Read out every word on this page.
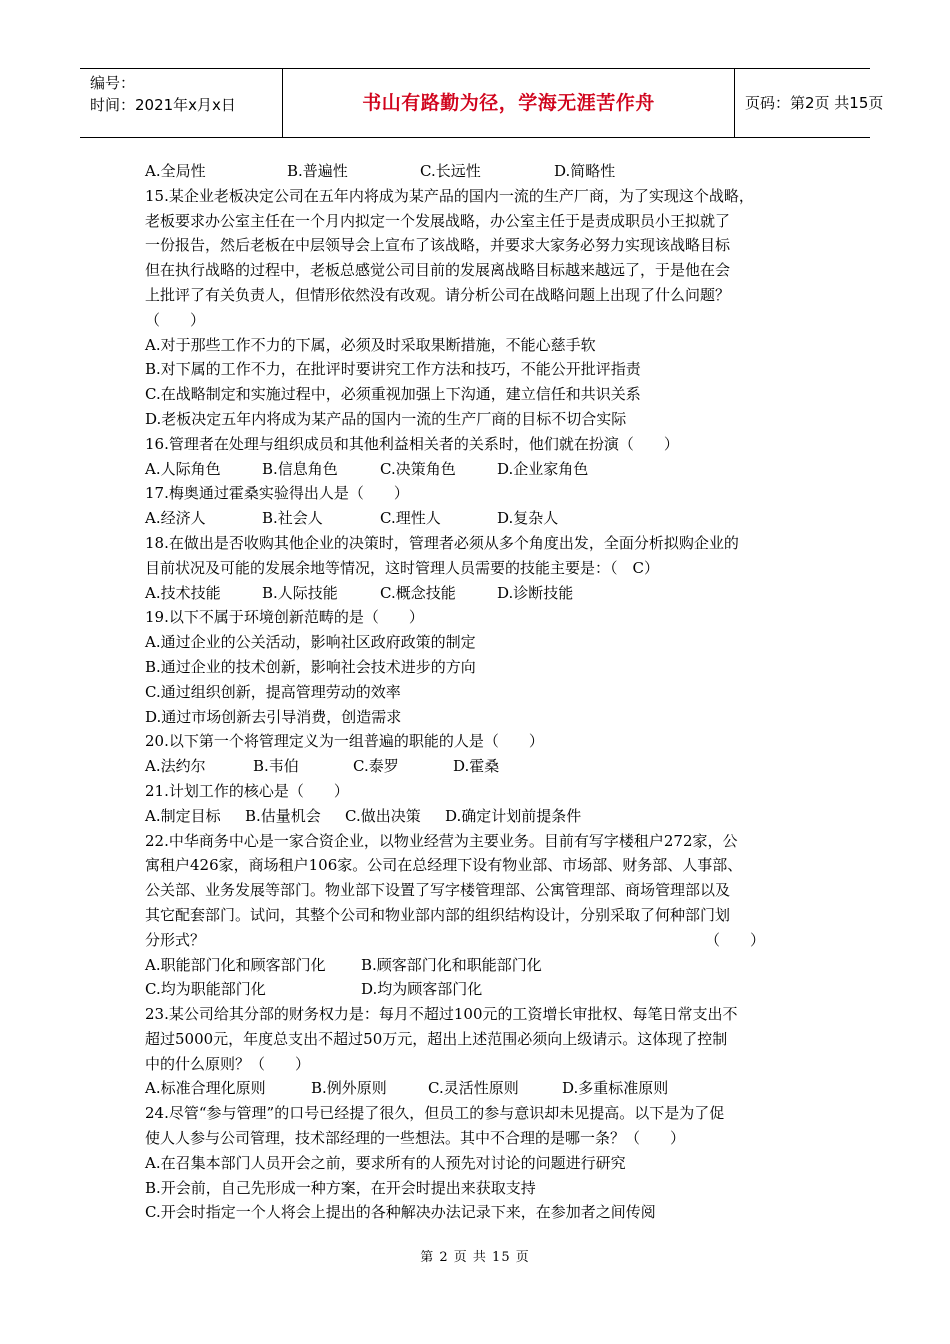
编号：
时间：2021年x月x日	书山有路勤为径，学海无涯苦作舟	页码：第2页 共15页
A.全局性	B.普遍性	C.长远性	D.简略性
15.某企业老板决定公司在五年内将成为某产品的国内一流的生产厂商，为了实现这个战略，
老板要求办公室主任在一个月内拟定一个发展战略，办公室主任于是责成职员小王拟就了
一份报告，然后老板在中层领导会上宣布了该战略，并要求大家务必努力实现该战略目标
但在执行战略的过程中，老板总感觉公司目前的发展离战略目标越来越远了，于是他在会
上批评了有关负责人，但情形依然没有改观。请分析公司在战略问题上出现了什么问题？
（　　）
A.对于那些工作不力的下属，必须及时采取果断措施，不能心慈手软
B.对下属的工作不力，在批评时要讲究工作方法和技巧，不能公开批评指责
C.在战略制定和实施过程中，必须重视加强上下沟通，建立信任和共识关系
D.老板决定五年内将成为某产品的国内一流的生产厂商的目标不切合实际
16.管理者在处理与组织成员和其他利益相关者的关系时，他们就在扮演（　　）
A.人际角色	B.信息角色	C.决策角色	D.企业家角色
17.梅奥通过霍桑实验得出人是（　　）
A.经济人	B.社会人	C.理性人	D.复杂人
18.在做出是否收购其他企业的决策时，管理者必须从多个角度出发，全面分析拟购企业的
目前状况及可能的发展余地等情况，这时管理人员需要的技能主要是：（　C）
A.技术技能	B.人际技能	C.概念技能	D.诊断技能
19.以下不属于环境创新范畴的是（　　）
A.通过企业的公关活动，影响社区政府政策的制定
B.通过企业的技术创新，影响社会技术进步的方向
C.通过组织创新，提高管理劳动的效率
D.通过市场创新去引导消费，创造需求
20.以下第一个将管理定义为一组普遍的职能的人是（　　）
A.法约尔	B.韦伯	C.泰罗	D.霍桑
21.计划工作的核心是（　　）
A.制定目标	B.估量机会	C.做出决策	D.确定计划前提条件
22.中华商务中心是一家合资企业，以物业经营为主要业务。目前有写字楼租户272家，公
寓租户426家，商场租户106家。公司在总经理下设有物业部、市场部、财务部、人事部、
公关部、业务发展等部门。物业部下设置了写字楼管理部、公寓管理部、商场管理部以及
其它配套部门。试问，其整个公司和物业部内部的组织结构设计，分别采取了何种部门划
分形式？	（　　）
A.职能部门化和顾客部门化	B.顾客部门化和职能部门化
C.均为职能部门化	D.均为顾客部门化
23.某公司给其分部的财务权力是：每月不超过100元的工资增长审批权、每笔日常支出不
超过5000元，年度总支出不超过50万元，超出上述范围必须向上级请示。这体现了控制
中的什么原则？（　　）
A.标准合理化原则	B.例外原则	C.灵活性原则	D.多重标准原则
24.尽管“参与管理”的口号已经提了很久，但员工的参与意识却未见提高。以下是为了促
使人人参与公司管理，技术部经理的一些想法。其中不合理的是哪一条？（　　）
A.在召集本部门人员开会之前，要求所有的人预先对讨论的问题进行研究
B.开会前，自己先形成一种方案，在开会时提出来获取支持
C.开会时指定一个人将会上提出的各种解决办法记录下来，在参加者之间传阅
第 2 页 共 15 页
